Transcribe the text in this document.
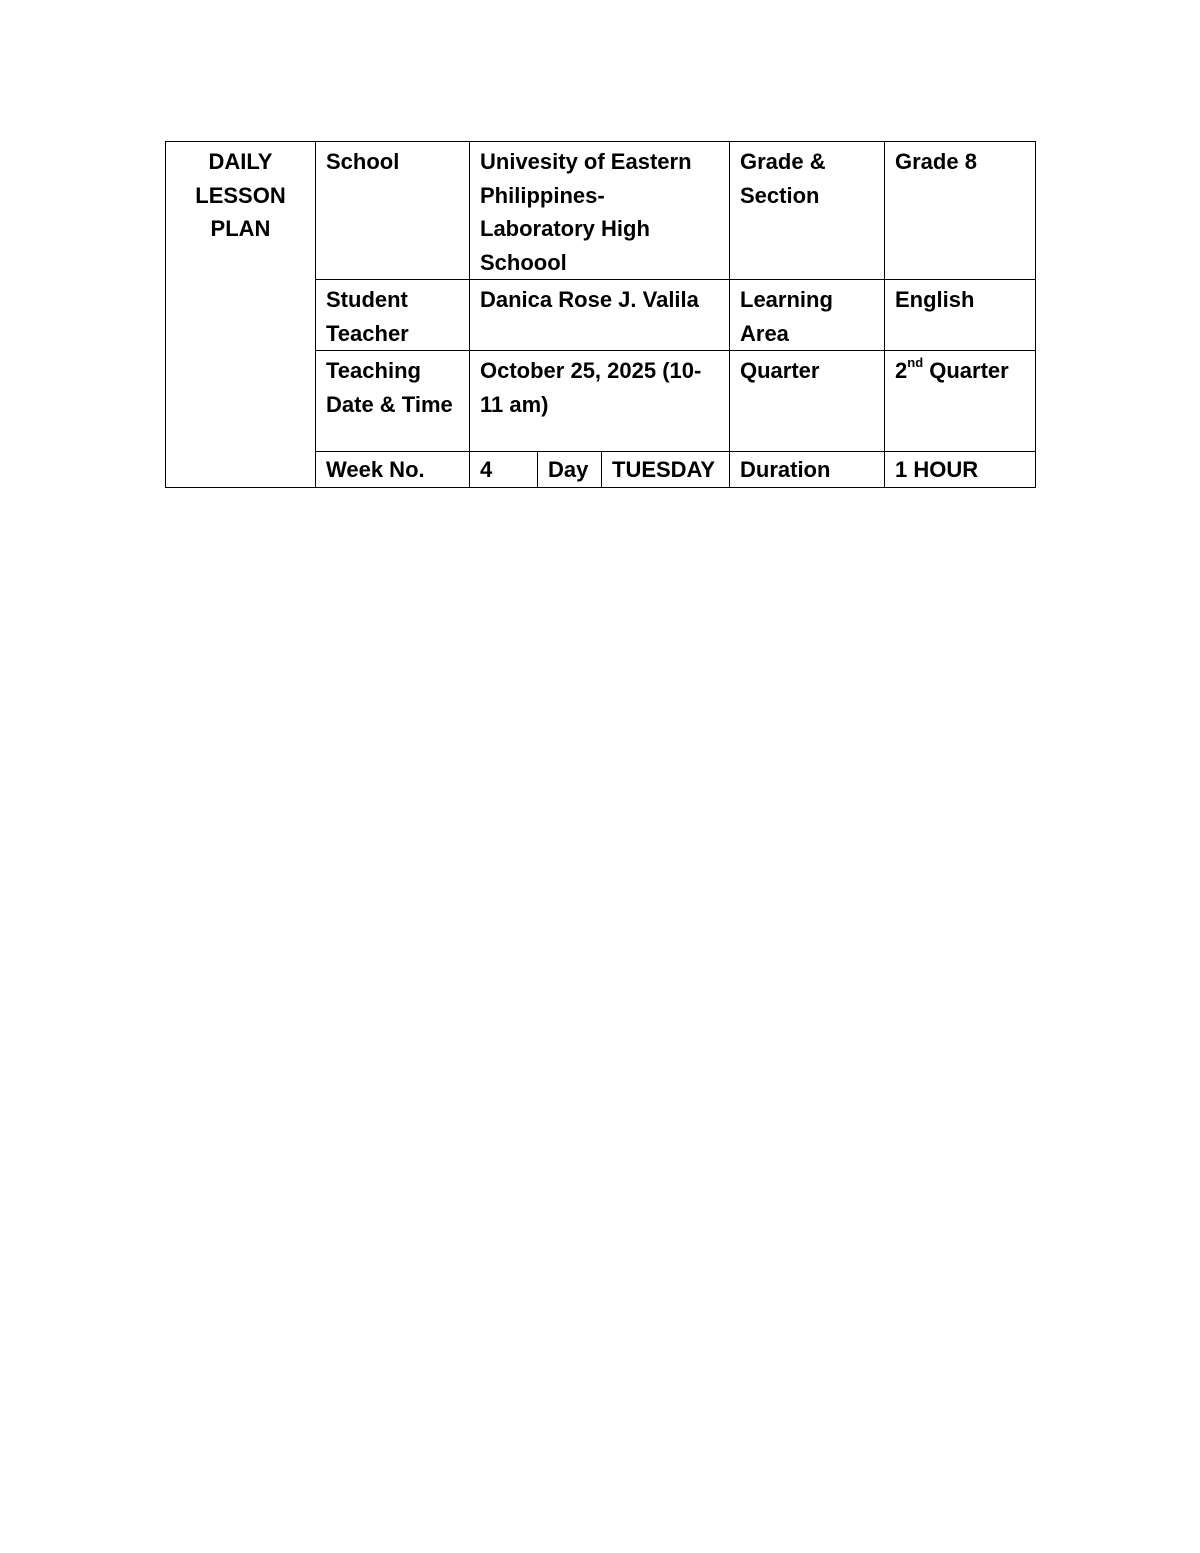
DAILY
LESSON
PLAN	School	Univesity of Eastern Philippines- Laboratory High Schoool			Grade & Section	Grade 8
	Student Teacher	Danica Rose J. Valila			Learning Area	English
	Teaching Date & Time	October 25, 2025 (10-11 am)			Quarter	2nd Quarter
	Week No.	4	Day	TUESDAY	Duration	1 HOUR
